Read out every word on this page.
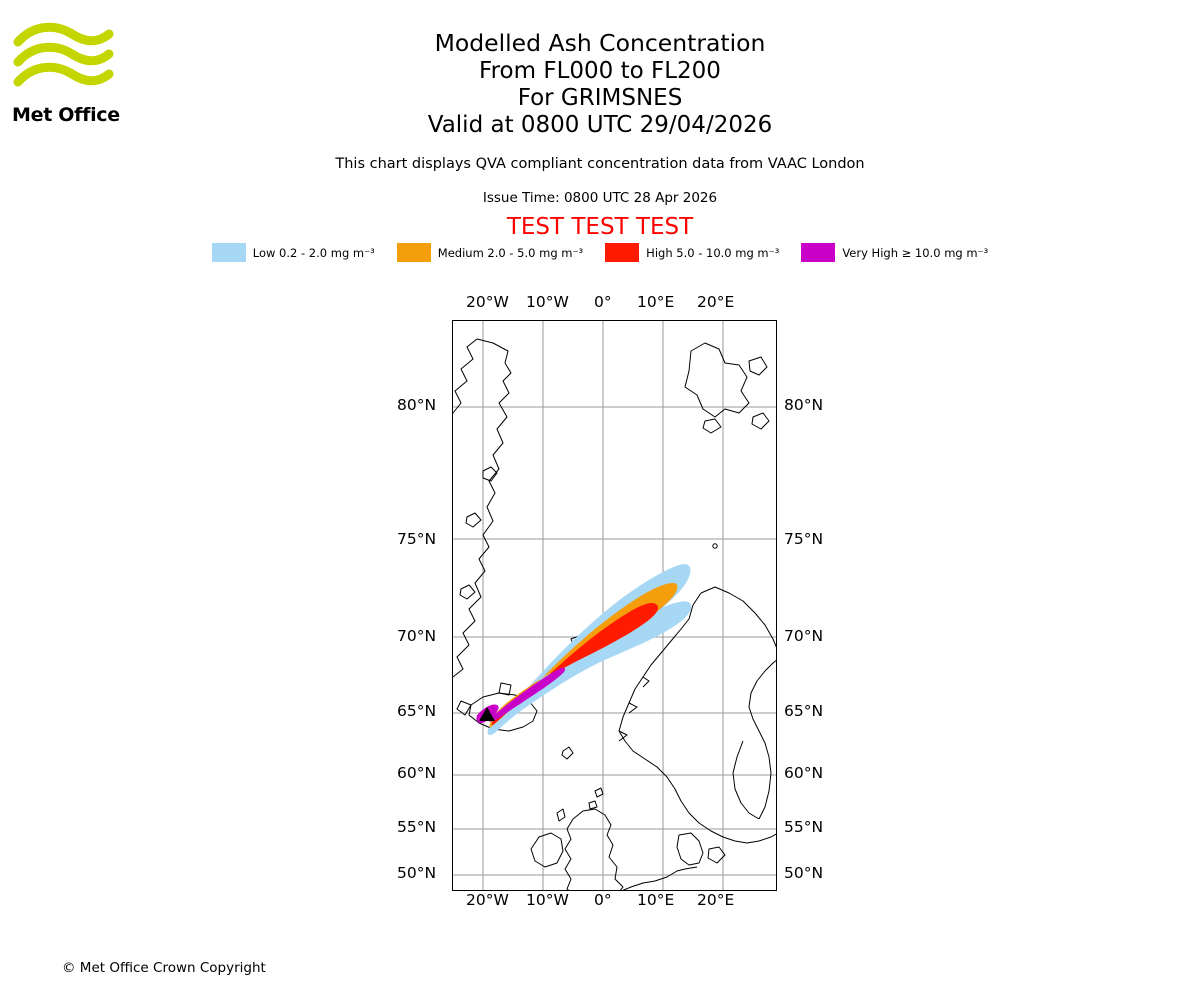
Met Office
Modelled Ash Concentration
From FL000 to FL200
For GRIMSNES
Valid at 0800 UTC 29/04/2026
This chart displays QVA compliant concentration data from VAAC London
Issue Time: 0800 UTC 28 Apr 2026
TEST TEST TEST
Low 0.2 - 2.0 mg m⁻³	Medium 2.0 - 5.0 mg m⁻³	High 5.0 - 10.0 mg m⁻³	Very High ≥ 10.0 mg m⁻³
20°W 10°W 0° 10°E 20°E
20°W 10°W 0° 10°E 20°E
80°N
75°N
70°N
65°N
60°N
55°N
50°N
80°N
75°N
70°N
65°N
60°N
55°N
50°N
© Met Office Crown Copyright
